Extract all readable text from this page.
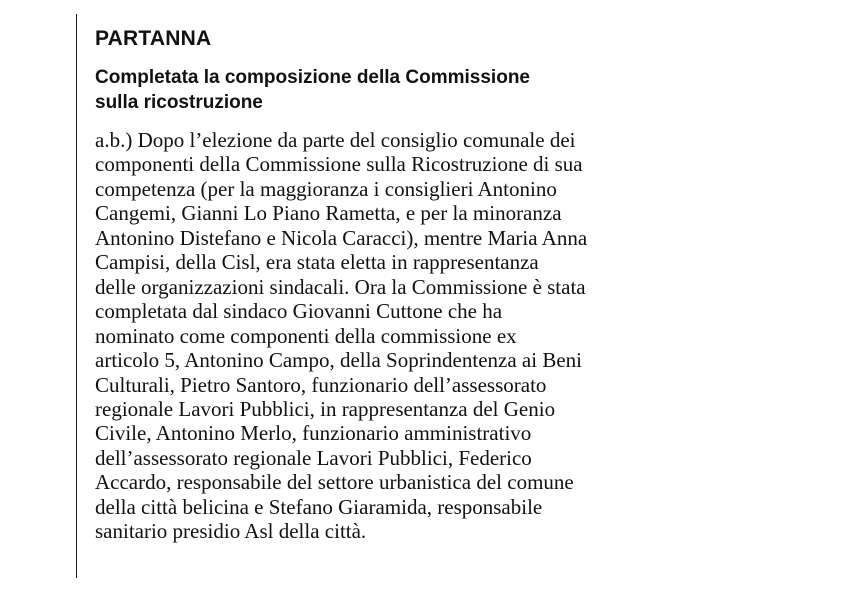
PARTANNA
Completata la composizione della Commissione
sulla ricostruzione
a.b.) Dopo l’elezione da parte del consiglio comunale dei
componenti della Commissione sulla Ricostruzione di sua
competenza (per la maggioranza i consiglieri Antonino
Cangemi, Gianni Lo Piano Rametta, e per la minoranza
Antonino Distefano e Nicola Caracci), mentre Maria Anna
Campisi, della Cisl, era stata eletta in rappresentanza
delle organizzazioni sindacali. Ora la Commissione è stata
completata dal sindaco Giovanni Cuttone che ha
nominato come componenti della commissione ex
articolo 5, Antonino Campo, della Soprindentenza ai Beni
Culturali, Pietro Santoro, funzionario dell’assessorato
regionale Lavori Pubblici, in rappresentanza del Genio
Civile, Antonino Merlo, funzionario amministrativo
dell’assessorato regionale Lavori Pubblici, Federico
Accardo, responsabile del settore urbanistica del comune
della città belicina e Stefano Giaramida, responsabile
sanitario presidio Asl della città.
